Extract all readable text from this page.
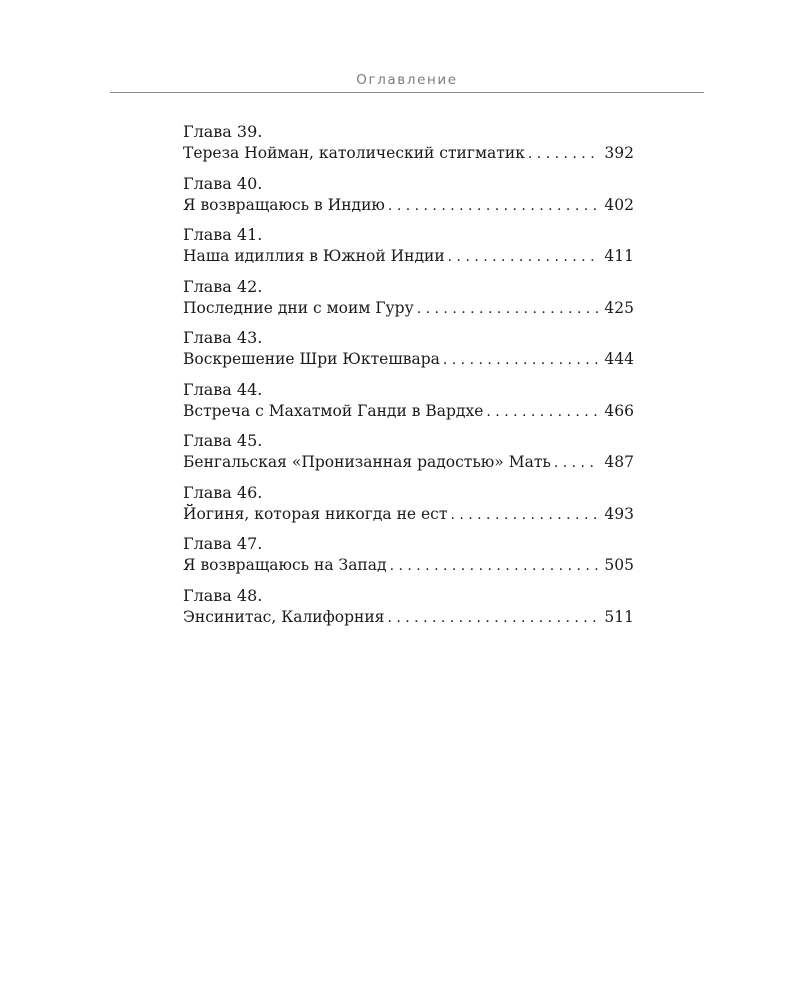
Оглавление
Глава 39.
Тереза Нойман, католический стигматик . . .	392
Глава 40.
Я возвращаюсь в Индию . . .	402
Глава 41.
Наша идиллия в Южной Индии . . .	411
Глава 42.
Последние дни с моим Гуру . . .	425
Глава 43.
Воскрешение Шри Юктешвара . . .	444
Глава 44.
Встреча с Махатмой Ганди в Вардхе . . .	466
Глава 45.
Бенгальская «Пронизанная радостью» Мать . . .	487
Глава 46.
Йогиня, которая никогда не ест . . .	493
Глава 47.
Я возвращаюсь на Запад . . .	505
Глава 48.
Энсинитас, Калифорния . . .	511
